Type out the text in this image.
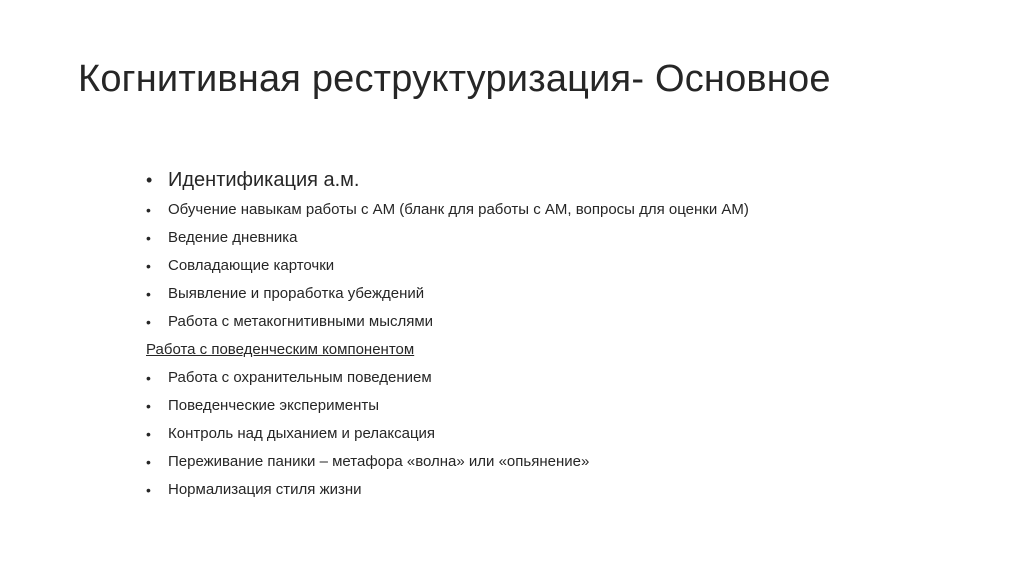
Когнитивная реструктуризация- Основное
• Идентификация а.м.
• Обучение навыкам работы с АМ (бланк для работы с АМ, вопросы для оценки АМ)
• Ведение дневника
• Совладающие карточки
• Выявление и проработка убеждений
• Работа с метакогнитивными мыслями
Работа с поведенческим компонентом
• Работа с охранительным поведением
• Поведенческие эксперименты
• Контроль над дыханием и релаксация
• Переживание паники – метафора «волна» или «опьянение»
• Нормализация стиля жизни
